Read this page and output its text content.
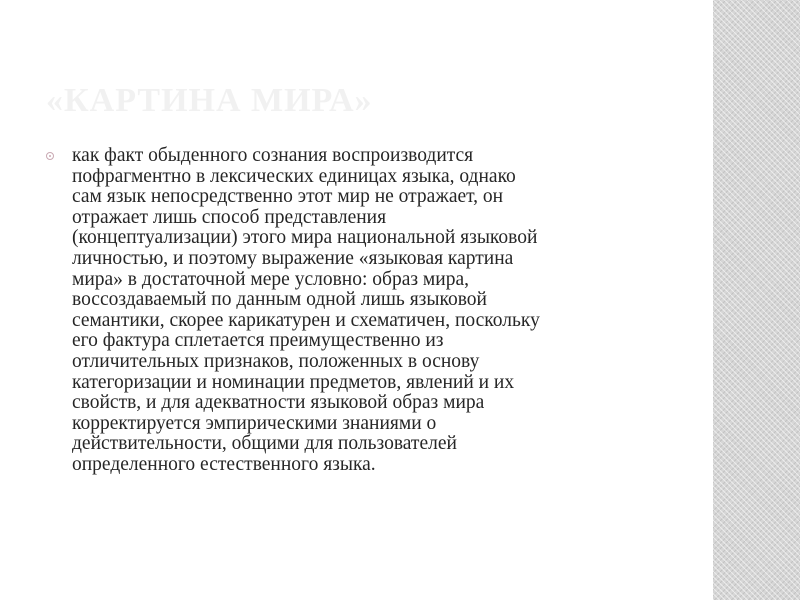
«КАРТИНА МИРА»
как факт обыденного сознания воспроизводится
пофрагментно в лексических единицах языка, однако
сам язык непосредственно этот мир не отражает, он
отражает лишь способ представления
(концептуализации) этого мира национальной языковой
личностью, и поэтому выражение «языковая картина
мира» в достаточной мере условно: образ мира,
воссоздаваемый по данным одной лишь языковой
семантики, скорее карикатурен и схематичен, поскольку
его фактура сплетается преимущественно из
отличительных признаков, положенных в основу
категоризации и номинации предметов, явлений и их
свойств, и для адекватности языковой образ мира
корректируется эмпирическими знаниями о
действительности, общими для пользователей
определенного естественного языка.
